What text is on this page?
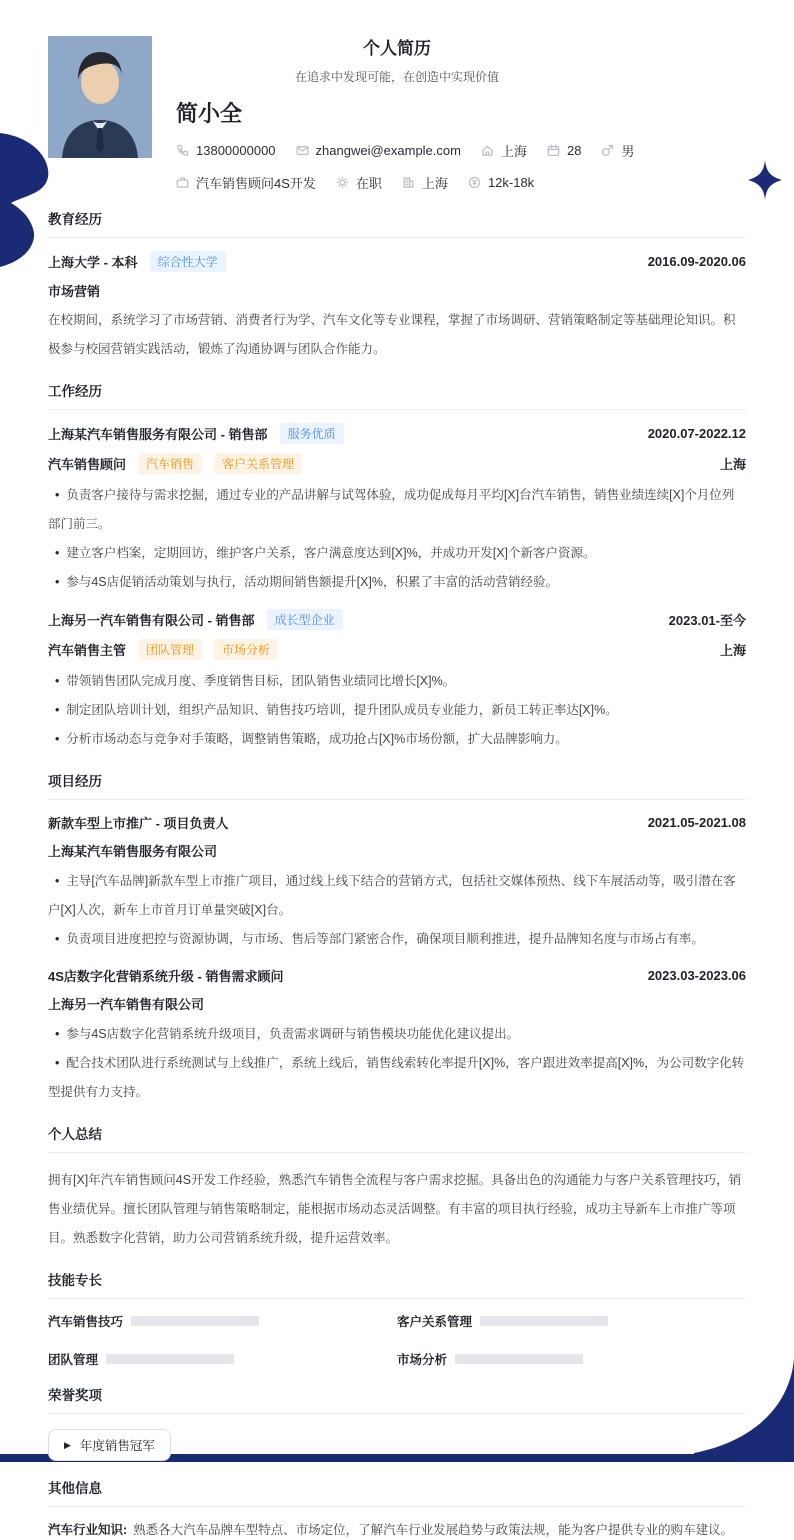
个人简历
在追求中发现可能，在创造中实现价值
简小全
13800000000	zhangwei@example.com	上海	28	男
汽车销售顾问4S开发	在职	上海	12k-18k
教育经历
上海大学 - 本科	综合性大学	2016.09-2020.06
市场营销
在校期间，系统学习了市场营销、消费者行为学、汽车文化等专业课程，掌握了市场调研、营销策略制定等基础理论知识。积极参与校园营销实践活动，锻炼了沟通协调与团队合作能力。
工作经历
上海某汽车销售服务有限公司 - 销售部	服务优质	2020.07-2022.12
汽车销售顾问	汽车销售	客户关系管理	上海
•  负责客户接待与需求挖掘，通过专业的产品讲解与试驾体验，成功促成每月平均[X]台汽车销售，销售业绩连续[X]个月位列部门前三。
•  建立客户档案，定期回访，维护客户关系，客户满意度达到[X]%，并成功开发[X]个新客户资源。
•  参与4S店促销活动策划与执行，活动期间销售额提升[X]%，积累了丰富的活动营销经验。
上海另一汽车销售有限公司 - 销售部	成长型企业	2023.01-至今
汽车销售主管	团队管理	市场分析	上海
•  带领销售团队完成月度、季度销售目标，团队销售业绩同比增长[X]%。
•  制定团队培训计划，组织产品知识、销售技巧培训，提升团队成员专业能力，新员工转正率达[X]%。
•  分析市场动态与竞争对手策略，调整销售策略，成功抢占[X]%市场份额，扩大品牌影响力。
项目经历
新款车型上市推广 - 项目负责人	2021.05-2021.08
上海某汽车销售服务有限公司
•  主导[汽车品牌]新款车型上市推广项目，通过线上线下结合的营销方式，包括社交媒体预热、线下车展活动等，吸引潜在客户[X]人次，新车上市首月订单量突破[X]台。
•  负责项目进度把控与资源协调，与市场、售后等部门紧密合作，确保项目顺利推进，提升品牌知名度与市场占有率。
4S店数字化营销系统升级 - 销售需求顾问	2023.03-2023.06
上海另一汽车销售有限公司
•  参与4S店数字化营销系统升级项目，负责需求调研与销售模块功能优化建议提出。
•  配合技术团队进行系统测试与上线推广，系统上线后，销售线索转化率提升[X]%，客户跟进效率提高[X]%，为公司数字化转型提供有力支持。
个人总结
拥有[X]年汽车销售顾问4S开发工作经验，熟悉汽车销售全流程与客户需求挖掘。具备出色的沟通能力与客户关系管理技巧，销售业绩优异。擅长团队管理与销售策略制定，能根据市场动态灵活调整。有丰富的项目执行经验，成功主导新车上市推广等项目。熟悉数字化营销，助力公司营销系统升级，提升运营效率。
技能专长
汽车销售技巧	客户关系管理
团队管理	市场分析
荣誉奖项
▶ 年度销售冠军
其他信息
汽车行业知识: 熟悉各大汽车品牌车型特点、市场定位，了解汽车行业发展趋势与政策法规，能为客户提供专业的购车建议。
